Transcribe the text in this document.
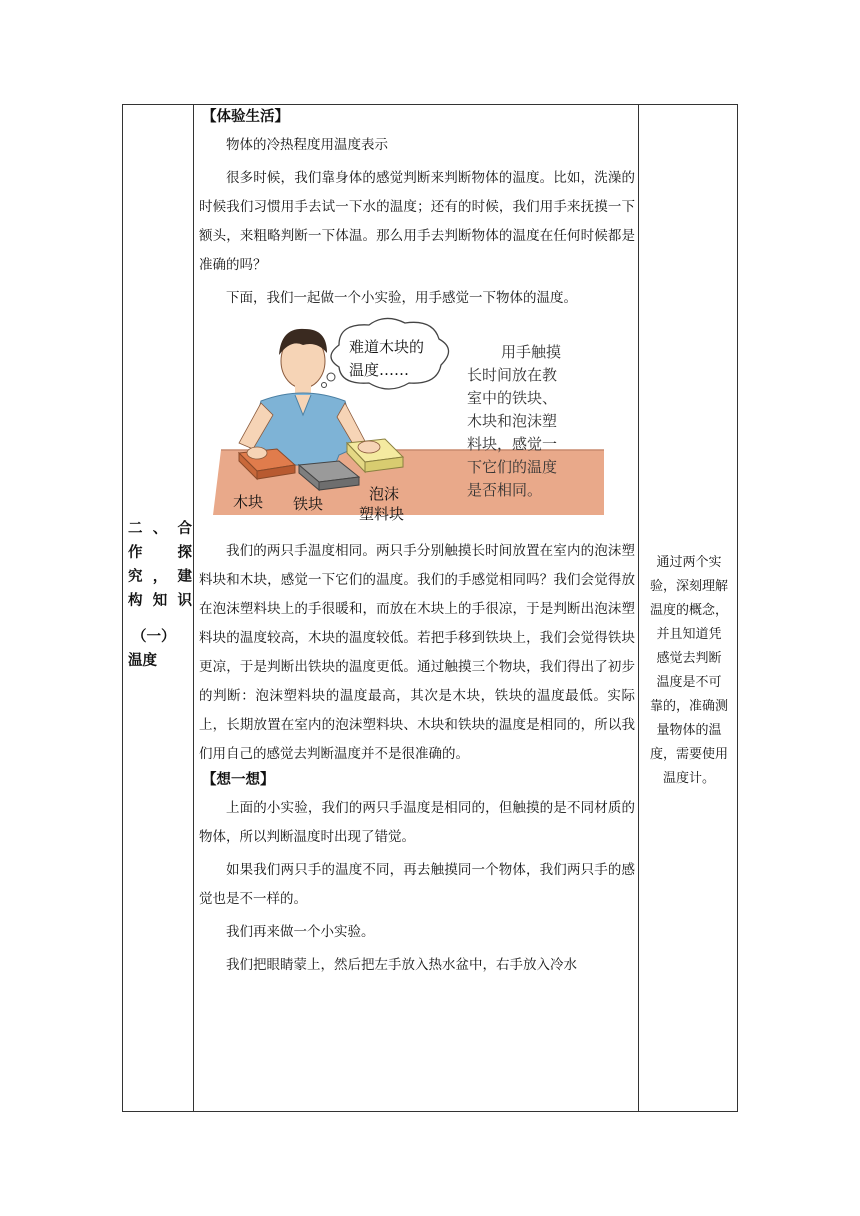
二、合
作 探
究，建
构知识
（一）
温度
【体验生活】

物体的冷热程度用温度表示

很多时候，我们靠身体的感觉判断来判断物体的温度。比如，洗澡的时候我们习惯用手去试一下水的温度；还有的时候，我们用手来抚摸一下额头，来粗略判断一下体温。那么用手去判断物体的温度在任何时候都是准确的吗？

下面，我们一起做一个小实验，用手感觉一下物体的温度。

难道木块的
温度……
用手触摸
长时间放在教
室中的铁块、
木块和泡沫塑
料块，感觉一
下它们的温度
是否相同。
木块 铁块
泡沫
塑料块

我们的两只手温度相同。两只手分别触摸长时间放置在室内的泡沫塑料块和木块，感觉一下它们的温度。我们的手感觉相同吗？我们会觉得放在泡沫塑料块上的手很暖和，而放在木块上的手很凉，于是判断出泡沫塑料块的温度较高，木块的温度较低。若把手移到铁块上，我们会觉得铁块更凉，于是判断出铁块的温度更低。通过触摸三个物块，我们得出了初步的判断：泡沫塑料块的温度最高，其次是木块，铁块的温度最低。实际上，长期放置在室内的泡沫塑料块、木块和铁块的温度是相同的，所以我们用自己的感觉去判断温度并不是很准确的。

【想一想】

上面的小实验，我们的两只手温度是相同的，但触摸的是不同材质的物体，所以判断温度时出现了错觉。

如果我们两只手的温度不同，再去触摸同一个物体，我们两只手的感觉也是不一样的。

我们再来做一个小实验。

我们把眼睛蒙上，然后把左手放入热水盆中，右手放入冷水

通过两个实
验，深刻理解
温度的概念，
并且知道凭
感觉去判断
温度是不可
靠的，准确测
量物体的温
度，需要使用
温度计。
